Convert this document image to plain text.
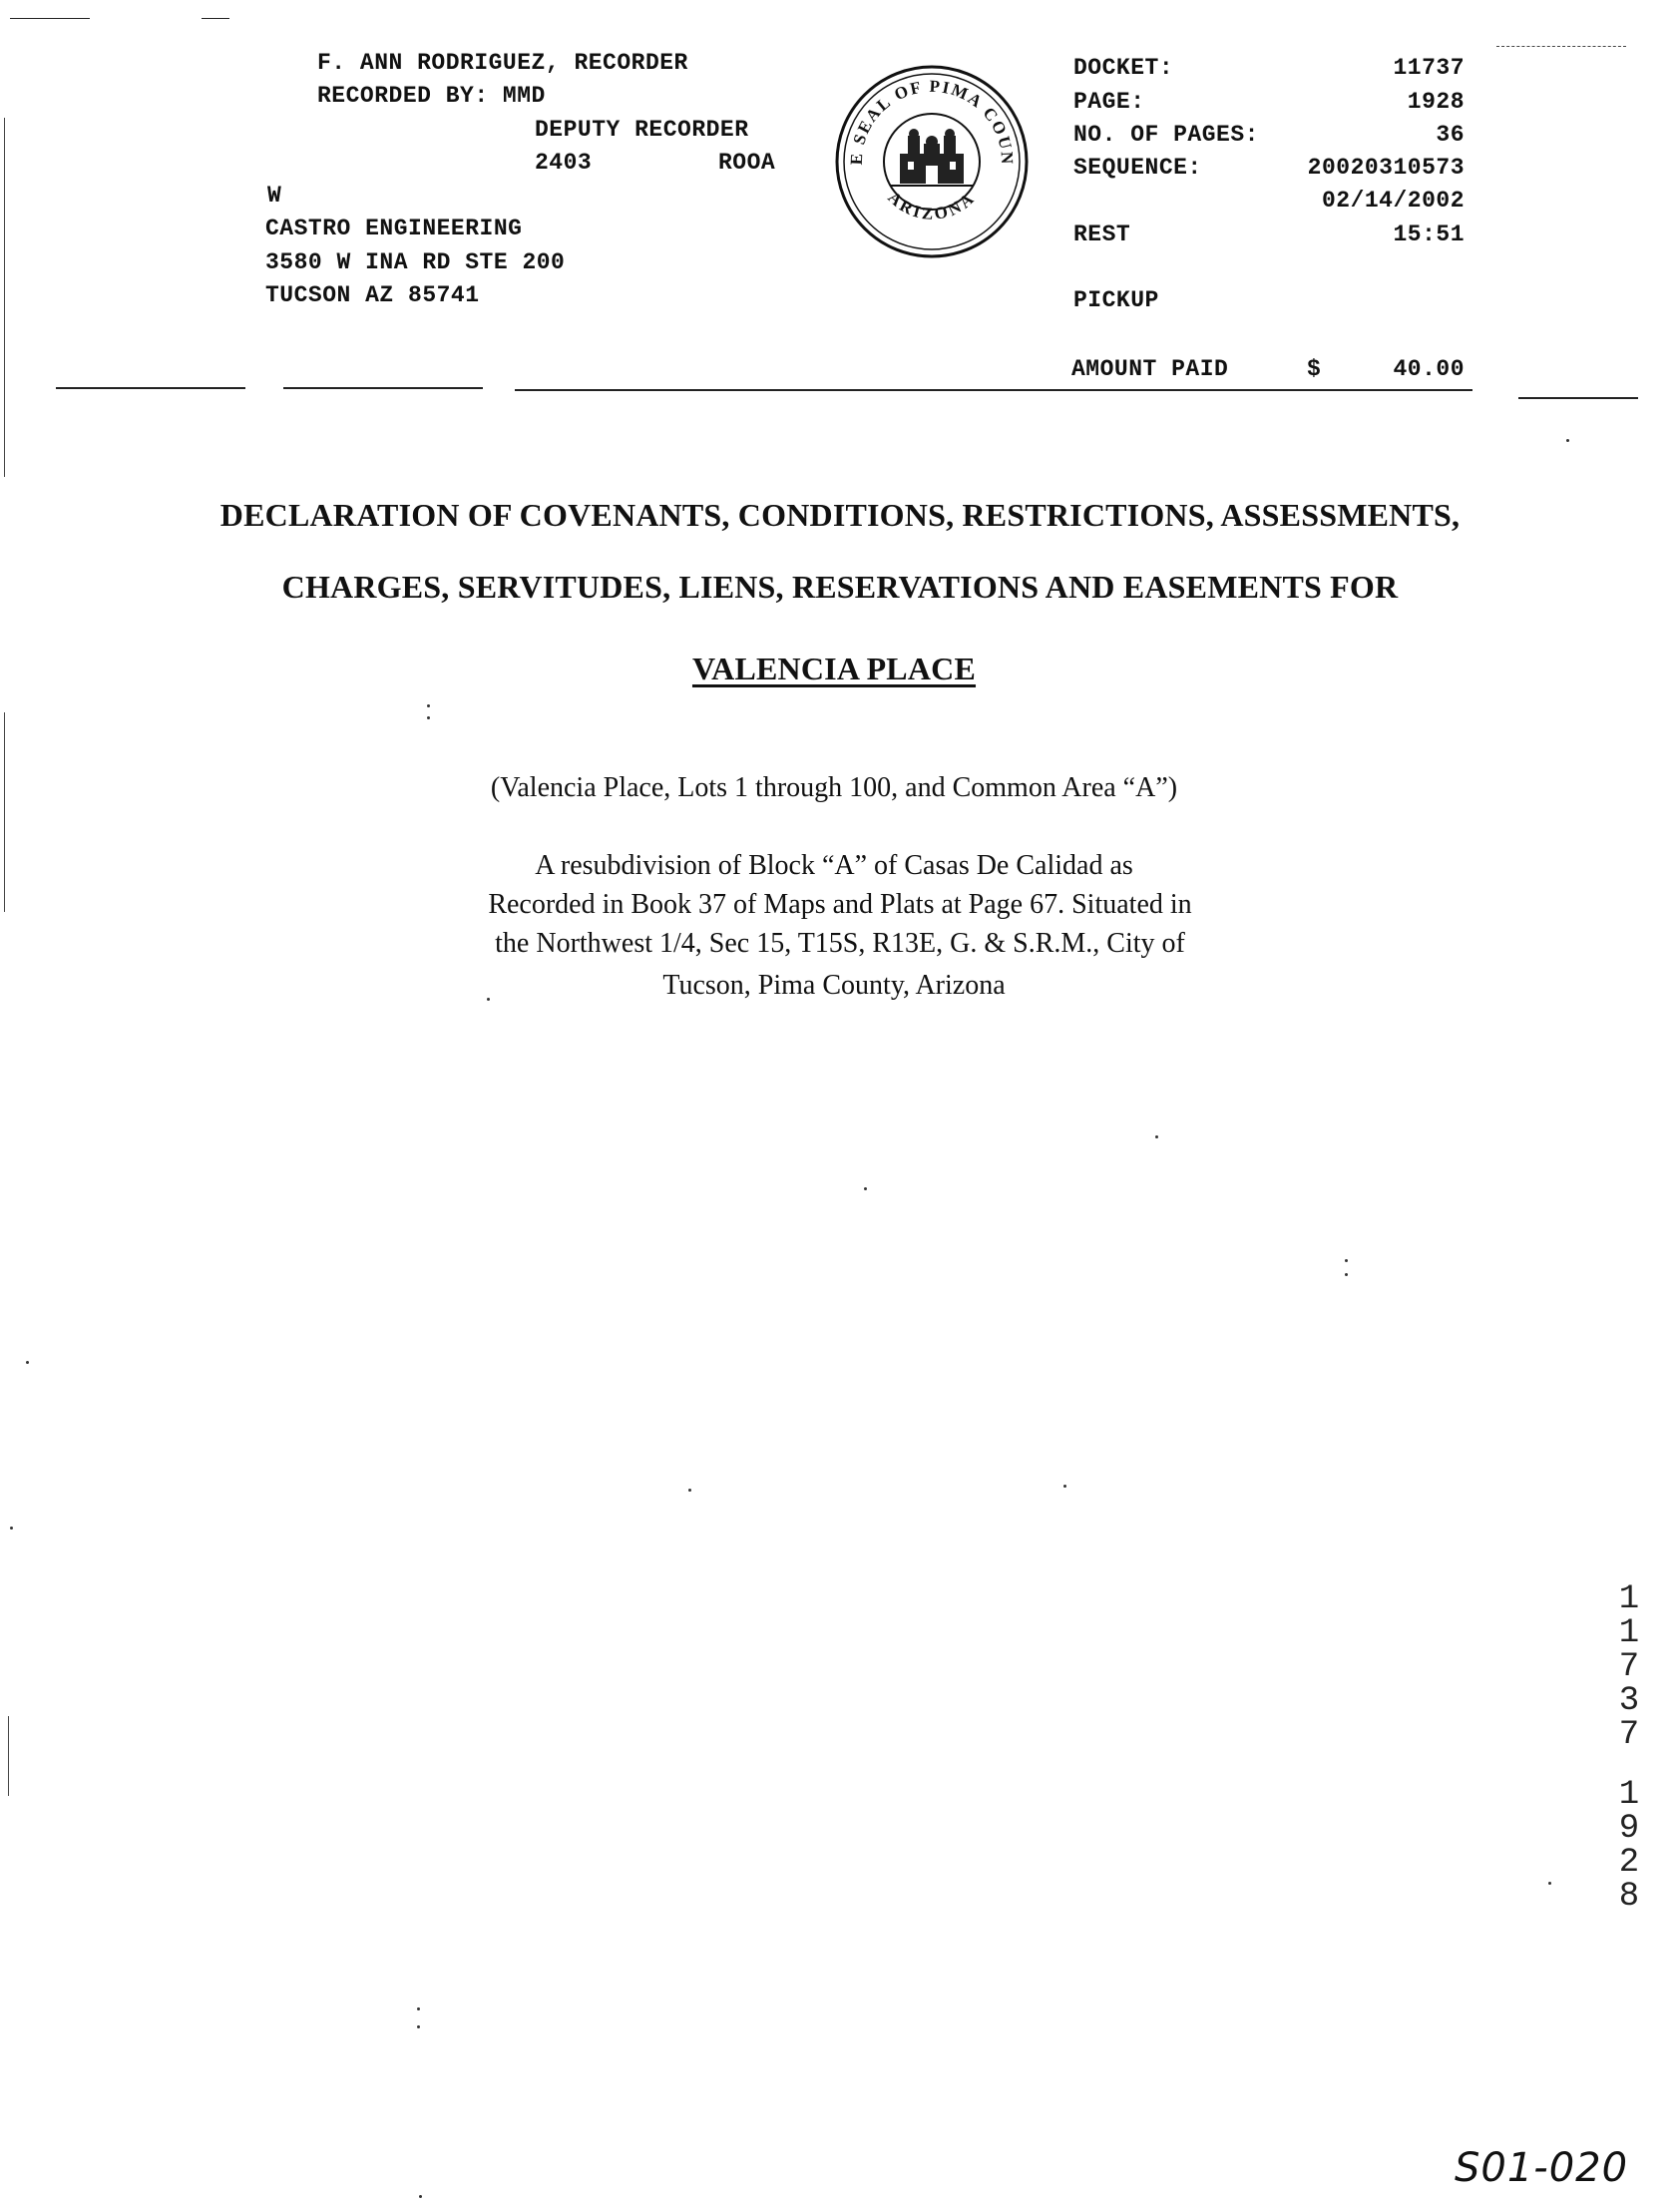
F. ANN RODRIGUEZ, RECORDER
RECORDED BY: MMD
DEPUTY RECORDER
2403	ROOA
W
CASTRO ENGINEERING
3580 W INA RD STE 200
TUCSON AZ 85741
E SEAL OF PIMA COUN
ARIZONA
DOCKET:	11737
PAGE:	1928
NO. OF PAGES:	36
SEQUENCE:	20020310573
02/14/2002
REST	15:51
PICKUP
AMOUNT PAID	$	40.00
DECLARATION OF COVENANTS, CONDITIONS, RESTRICTIONS, ASSESSMENTS,
CHARGES, SERVITUDES, LIENS, RESERVATIONS AND EASEMENTS FOR
VALENCIA PLACE
(Valencia Place, Lots 1 through 100, and Common Area “A”)
A resubdivision of Block “A” of Casas De Calidad as
Recorded in Book 37 of Maps and Plats at Page 67. Situated in
the Northwest 1/4, Sec 15, T15S, R13E, G. & S.R.M., City of
Tucson, Pima County, Arizona
1
1
7
3
7
1
9
2
8
S01-020
